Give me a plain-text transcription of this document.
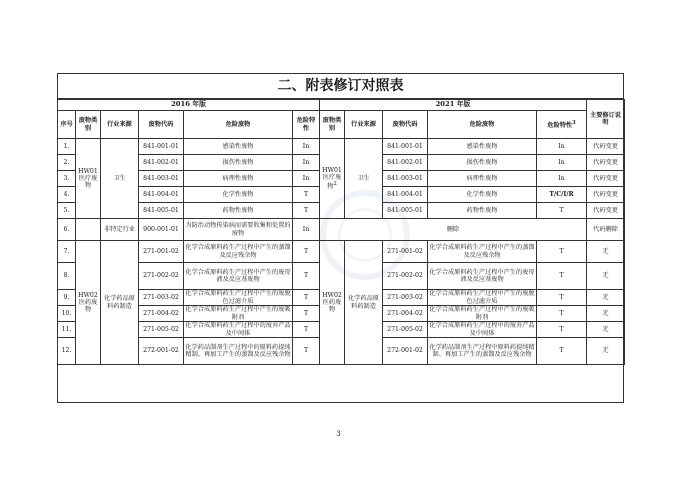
二、附表修订对照表
2016 年版						2021 年版					主要修订说明
序号	废物类别	行业来源	废物代码	危险废物	危险特性	废物类别	行业来源	废物代码	危险废物	危险特性$^3$
1.	HW01 医疗废物	卫生	841-001-01	感染性废物	In	HW01 医疗废物$^2$	卫生	841-001-01	感染性废物	In	代码变更
2.			841-002-01	损伤性废物	In			841-002-01	损伤性废物	In	代码变更
3.			841-003-01	病理性废物	In			841-003-01	病理性废物	In	代码变更
4.			841-004-01	化学性废物	T			841-004-01	化学性废物	T/C/I/R	代码变更
5.			841-005-01	药物性废物	T			841-005-01	药物性废物	T	代码变更
6.		非特定行业	900-001-01	为防治动物传染病而需要收集和处置的废物	In	删除					代码删除
7.	HW02 医药废物	化学药品原料药制造	271-001-02	化学合成原料药生产过程中产生的蒸馏及反应残余物	T	HW02 医药废物	化学药品原料药制造	271-001-02	化学合成原料药生产过程中产生的蒸馏及反应残余物	T	无
8.			271-002-02	化学合成原料药生产过程中产生的废母液及反应基废物	T			271-002-02	化学合成原料药生产过程中产生的废母液及反应基废物	T	无
9.			271-003-02	化学合成原料药生产过程中产生的废脱色过滤介质	T			271-003-02	化学合成原料药生产过程中产生的废脱色过滤介质	T	无
10.			271-004-02	化学合成原料药生产过程中产生的废吸附剂	T			271-004-02	化学合成原料药生产过程中产生的废吸附剂	T	无
11.			271-005-02	化学合成原料药生产过程中的废弃产品及中间体	T			271-005-02	化学合成原料药生产过程中的废弃产品及中间体	T	无
12.			272-001-02	化学药品制剂生产过程中的原料药提纯精制、再加工产生的蒸馏及反应残余物	T			272-001-02	化学药品制剂生产过程中原料药提纯精制、再加工产生的蒸馏及反应残余物	T	无
3
